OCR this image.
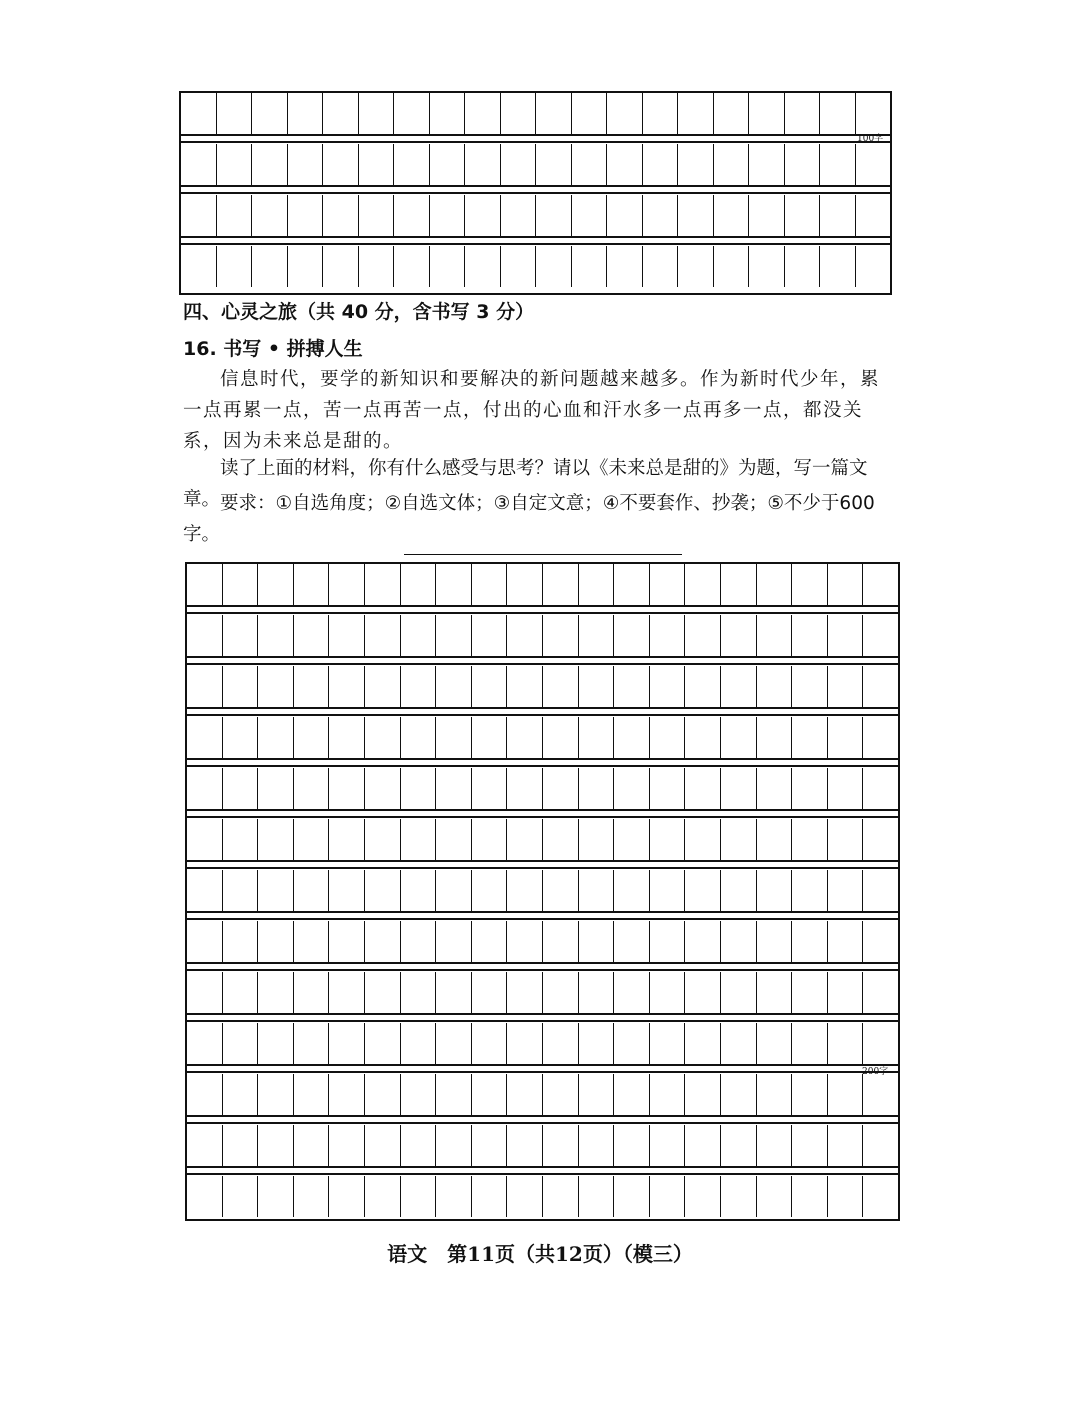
100字
四、心灵之旅（共 40 分，含书写 3 分）
16. 书写 • 拼搏人生
信息时代，要学的新知识和要解决的新问题越来越多。作为新时代少年，累一点再累一点，苦一点再苦一点，付出的心血和汗水多一点再多一点，都没关系，因为未来总是甜的。
读了上面的材料，你有什么感受与思考？请以《未来总是甜的》为题，写一篇文章。 要求：①自选角度；②自选文体；③自定文意；④不要套作、抄袭；⑤不少于600字。
200字
语文　第11页（共12页）（模三）
